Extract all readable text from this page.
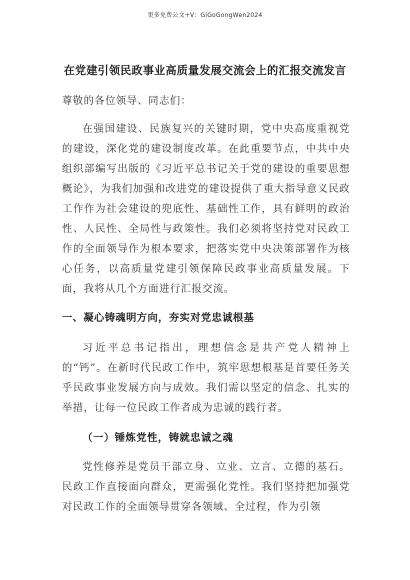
更多免费公文+V：GiGoGongWen2024
在党建引领民政事业高质量发展交流会上的汇报交流发言

尊敬的各位领导、同志们：

在强国建设、民族复兴的关键时期，党中央高度重视党的建设，深化党的建设制度改革。在此重要节点，中共中央组织部编写出版的《习近平总书记关于党的建设的重要思想概论》，为我们加强和改进党的建设提供了重大指导意义民政工作作为社会建设的兜底性、基础性工作，具有鲜明的政治性、人民性、全局性与政策性。我们必须将坚持党对民政工作的全面领导作为根本要求，把落实党中央决策部署作为核心任务，以高质量党建引领保障民政事业高质量发展。下面，我将从几个方面进行汇报交流。

一、凝心铸魂明方向，夯实对党忠诚根基

习近平总书记指出，理想信念是共产党人精神上的“钙”。在新时代民政工作中，筑牢思想根基是首要任务关乎民政事业发展方向与成效。我们需以坚定的信念、扎实的举措，让每一位民政工作者成为忠诚的践行者。

（一）锤炼党性，铸就忠诚之魂

党性修养是党员干部立身、立业、立言、立德的基石。民政工作直接面向群众，更需强化党性。我们坚持把加强党对民政工作的全面领导贯穿各领域、全过程，作为引领
